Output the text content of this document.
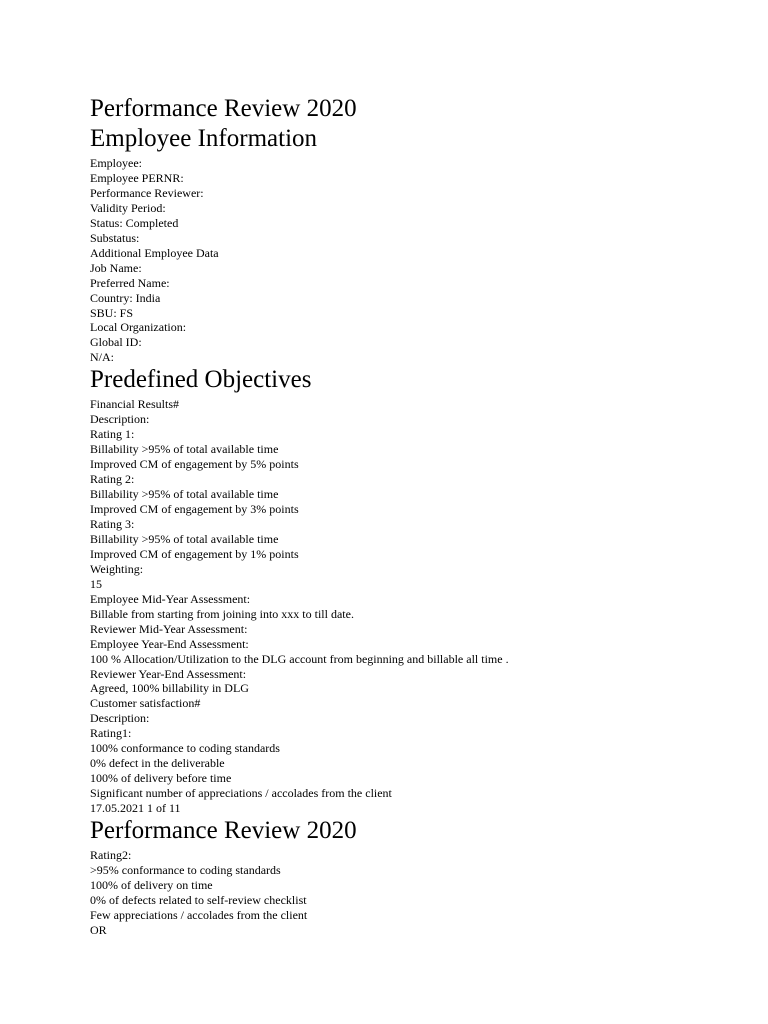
Performance Review 2020
Employee Information
Employee:
Employee PERNR:
Performance Reviewer:
Validity Period:
Status: Completed
Substatus:
Additional Employee Data
Job Name:
Preferred Name:
Country: India
SBU: FS
Local Organization:
Global ID:
N/A:
Predefined Objectives
Financial Results#
Description:
Rating 1:
Billability >95% of total available time
Improved CM of engagement by 5% points
Rating 2:
Billability >95% of total available time
Improved CM of engagement by 3% points
Rating 3:
Billability >95% of total available time
Improved CM of engagement by 1% points
Weighting:
15
Employee Mid-Year Assessment:
Billable from starting from joining into xxx to till date.
Reviewer Mid-Year Assessment:
Employee Year-End Assessment:
100 % Allocation/Utilization to the DLG account from beginning and billable all time .
Reviewer Year-End Assessment:
Agreed, 100% billability in DLG
Customer satisfaction#
Description:
Rating1:
100% conformance to coding standards
0% defect in the deliverable
100% of delivery before time
Significant number of appreciations / accolades from the client
17.05.2021 1 of 11
Performance Review 2020
Rating2:
>95% conformance to coding standards
100% of delivery on time
0% of defects related to self-review checklist
Few appreciations / accolades from the client
OR
